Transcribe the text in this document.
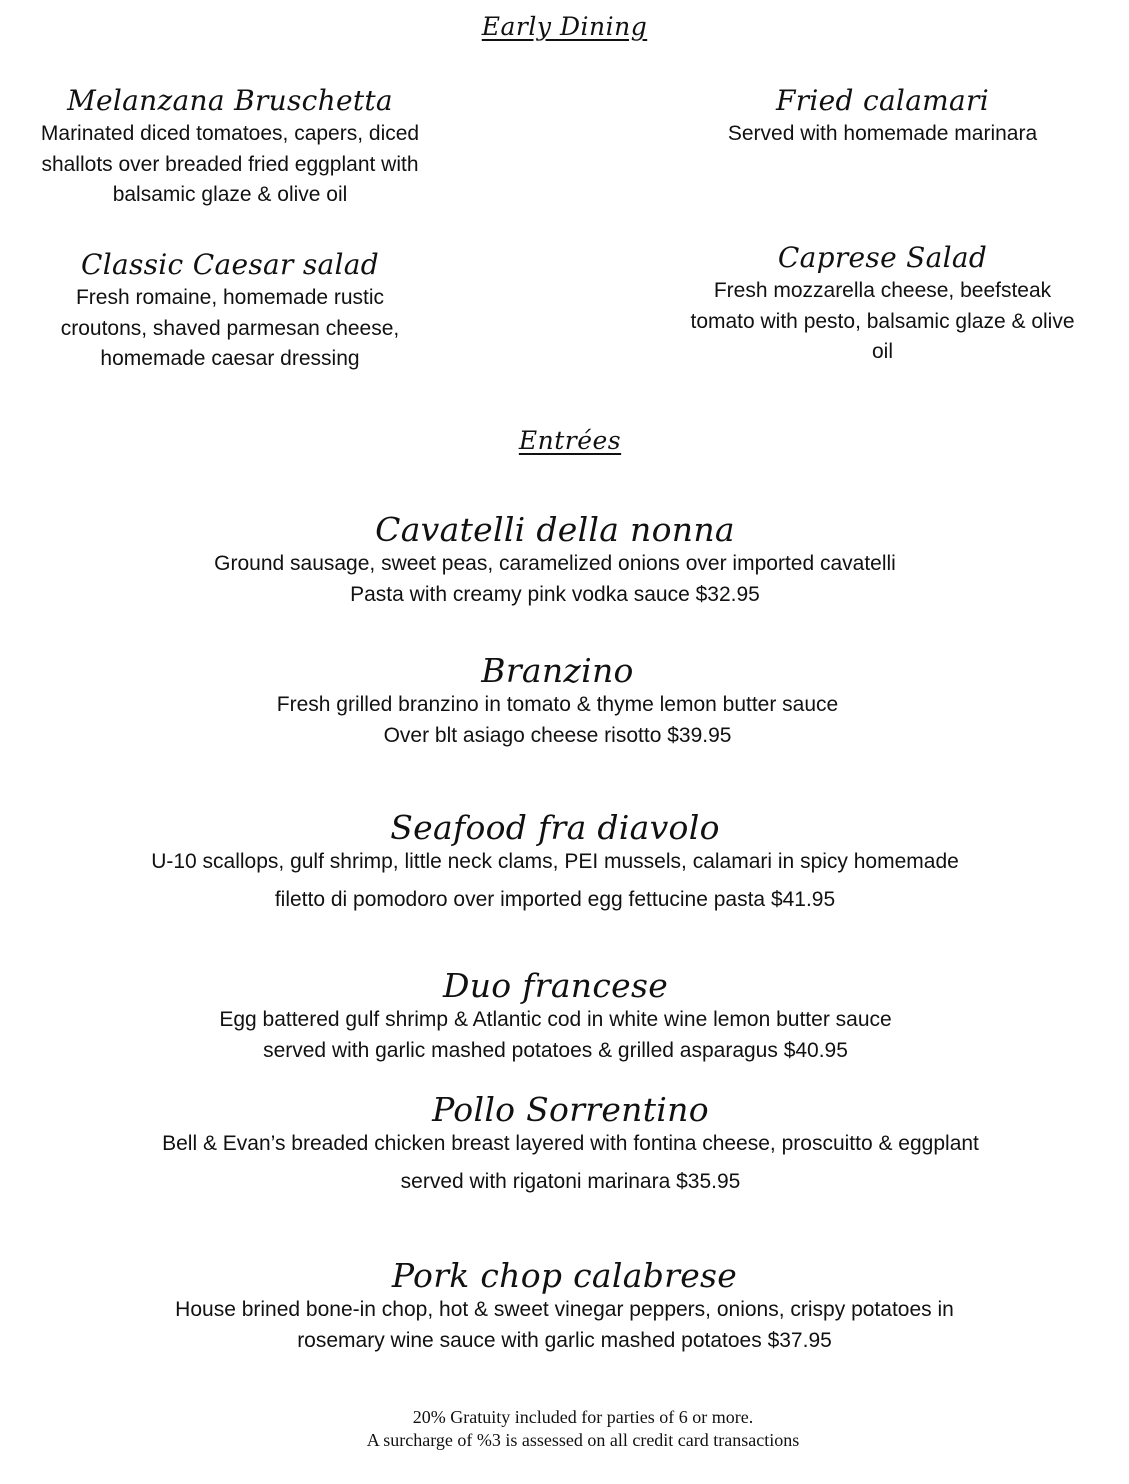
Early Dining
Melanzana Bruschetta
Marinated diced tomatoes, capers, diced
shallots over breaded fried eggplant with
balsamic glaze & olive oil
Fried calamari
Served with homemade marinara
Classic Caesar salad
Fresh romaine, homemade rustic
croutons, shaved parmesan cheese,
homemade caesar dressing
Caprese Salad
Fresh mozzarella cheese, beefsteak
tomato with pesto, balsamic glaze & olive
oil
Entrées
Cavatelli della nonna
Ground sausage, sweet peas, caramelized onions over imported cavatelli
Pasta with creamy pink vodka sauce $32.95
Branzino
Fresh grilled branzino in tomato & thyme lemon butter sauce
Over blt asiago cheese risotto $39.95
Seafood fra diavolo
U-10 scallops, gulf shrimp, little neck clams, PEI mussels, calamari in spicy homemade
filetto di pomodoro over imported egg fettucine pasta $41.95
Duo francese
Egg battered gulf shrimp & Atlantic cod in white wine lemon butter sauce
served with garlic mashed potatoes & grilled asparagus $40.95
Pollo Sorrentino
Bell & Evan’s breaded chicken breast layered with fontina cheese, proscuitto & eggplant
served with rigatoni marinara $35.95
Pork chop calabrese
House brined bone-in chop, hot & sweet vinegar peppers, onions, crispy potatoes in
rosemary wine sauce with garlic mashed potatoes $37.95
20% Gratuity included for parties of 6 or more.
A surcharge of %3 is assessed on all credit card transactions
